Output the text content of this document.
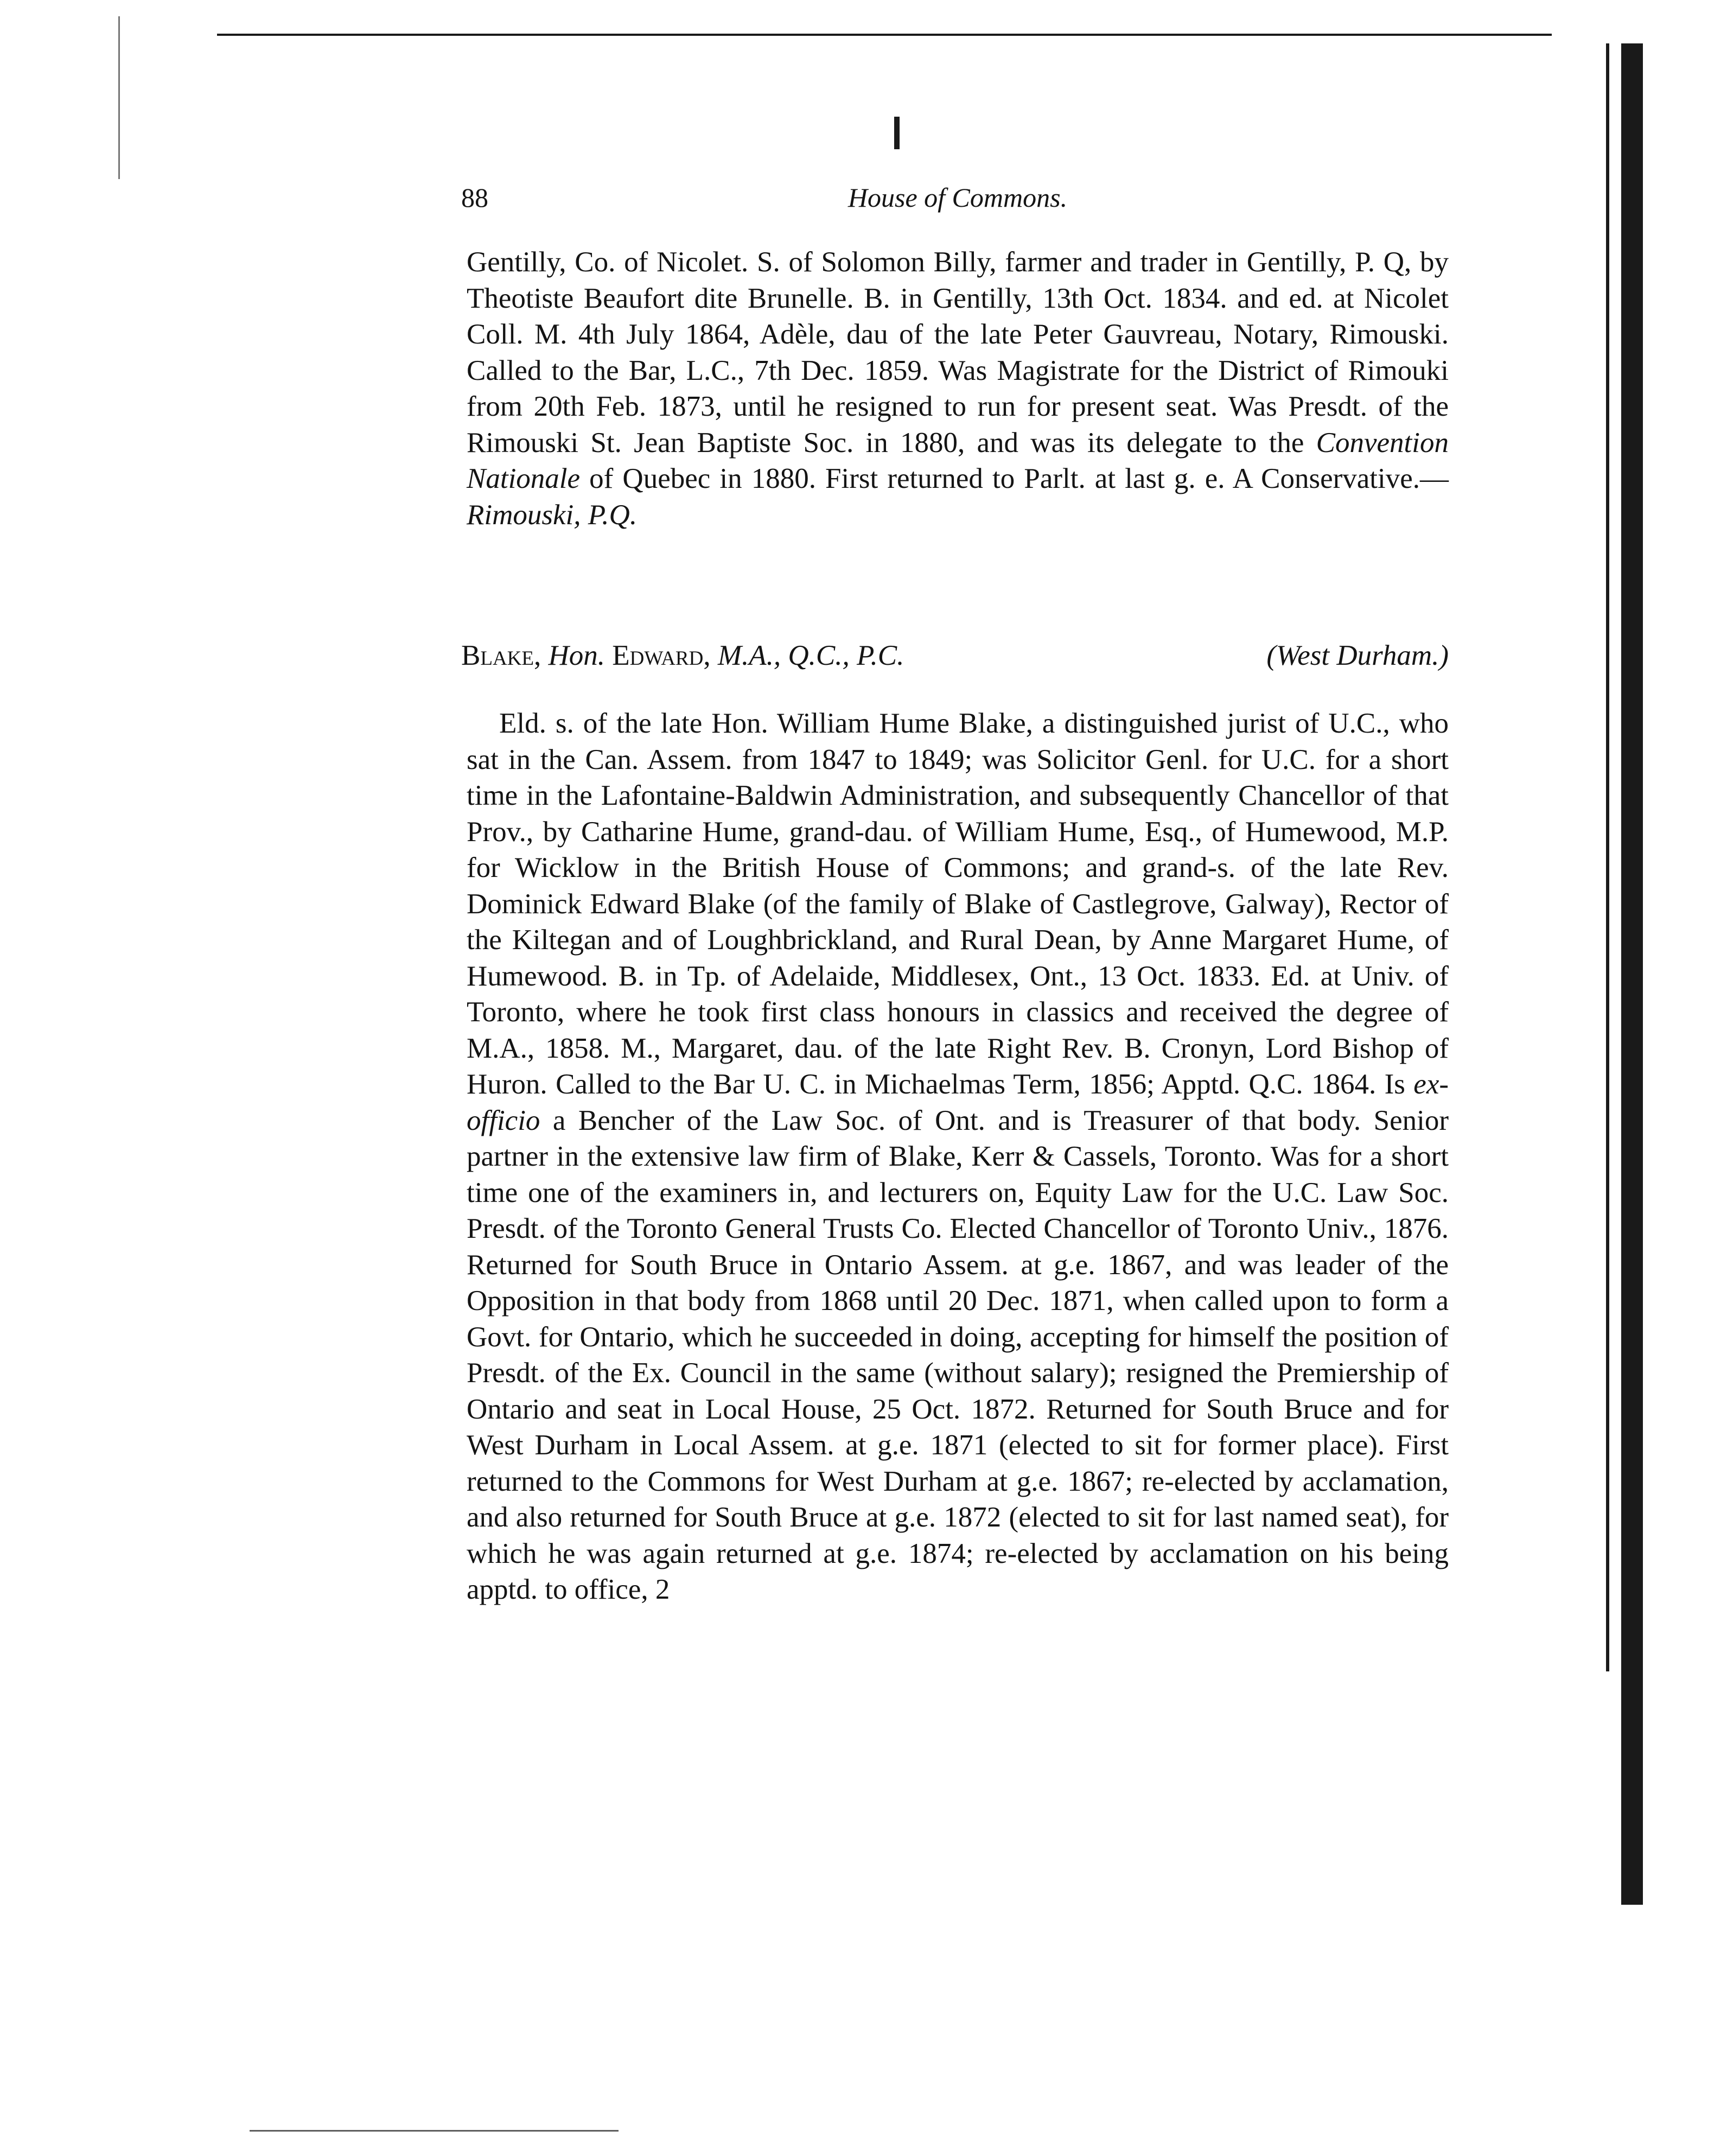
88	House of Commons.

Gentilly, Co. of Nicolet. S. of Solomon Billy, farmer and trader in Gentilly, P. Q, by Theotiste Beaufort dite Brunelle. B. in Gentilly, 13th Oct. 1834. and ed. at Nicolet Coll. M. 4th July 1864, Adèle, dau of the late Peter Gauvreau, Notary, Rimouski. Called to the Bar, L.C., 7th Dec. 1859. Was Magistrate for the District of Rimouki from 20th Feb. 1873, until he resigned to run for present seat. Was Presdt. of the Rimouski St. Jean Baptiste Soc. in 1880, and was its delegate to the Convention Nationale of Quebec in 1880. First returned to Parlt. at last g. e. A Conservative.—Rimouski, P.Q.

Blake, Hon. Edward, M.A., Q.C., P.C.	(West Durham.)

Eld. s. of the late Hon. William Hume Blake, a distinguished jurist of U.C., who sat in the Can. Assem. from 1847 to 1849; was Solicitor Genl. for U.C. for a short time in the Lafontaine-Baldwin Administration, and subsequently Chancellor of that Prov., by Catharine Hume, grand-dau. of William Hume, Esq., of Humewood, M.P. for Wicklow in the British House of Commons; and grand-s. of the late Rev. Dominick Edward Blake (of the family of Blake of Castlegrove, Galway), Rector of the Kiltegan and of Loughbrickland, and Rural Dean, by Anne Margaret Hume, of Humewood. B. in Tp. of Adelaide, Middlesex, Ont., 13 Oct. 1833. Ed. at Univ. of Toronto, where he took first class honours in classics and received the degree of M.A., 1858. M., Margaret, dau. of the late Right Rev. B. Cronyn, Lord Bishop of Huron. Called to the Bar U. C. in Michaelmas Term, 1856; Apptd. Q.C. 1864. Is ex-officio a Bencher of the Law Soc. of Ont. and is Treasurer of that body. Senior partner in the extensive law firm of Blake, Kerr & Cassels, Toronto. Was for a short time one of the examiners in, and lecturers on, Equity Law for the U.C. Law Soc. Presdt. of the Toronto General Trusts Co. Elected Chancellor of Toronto Univ., 1876. Returned for South Bruce in Ontario Assem. at g.e. 1867, and was leader of the Opposition in that body from 1868 until 20 Dec. 1871, when called upon to form a Govt. for Ontario, which he succeeded in doing, accepting for himself the position of Presdt. of the Ex. Council in the same (without salary); resigned the Premiership of Ontario and seat in Local House, 25 Oct. 1872. Returned for South Bruce and for West Durham in Local Assem. at g.e. 1871 (elected to sit for former place). First returned to the Commons for West Durham at g.e. 1867; re-elected by acclamation, and also returned for South Bruce at g.e. 1872 (elected to sit for last named seat), for which he was again returned at g.e. 1874; re-elected by acclamation on his being apptd. to office, 2
